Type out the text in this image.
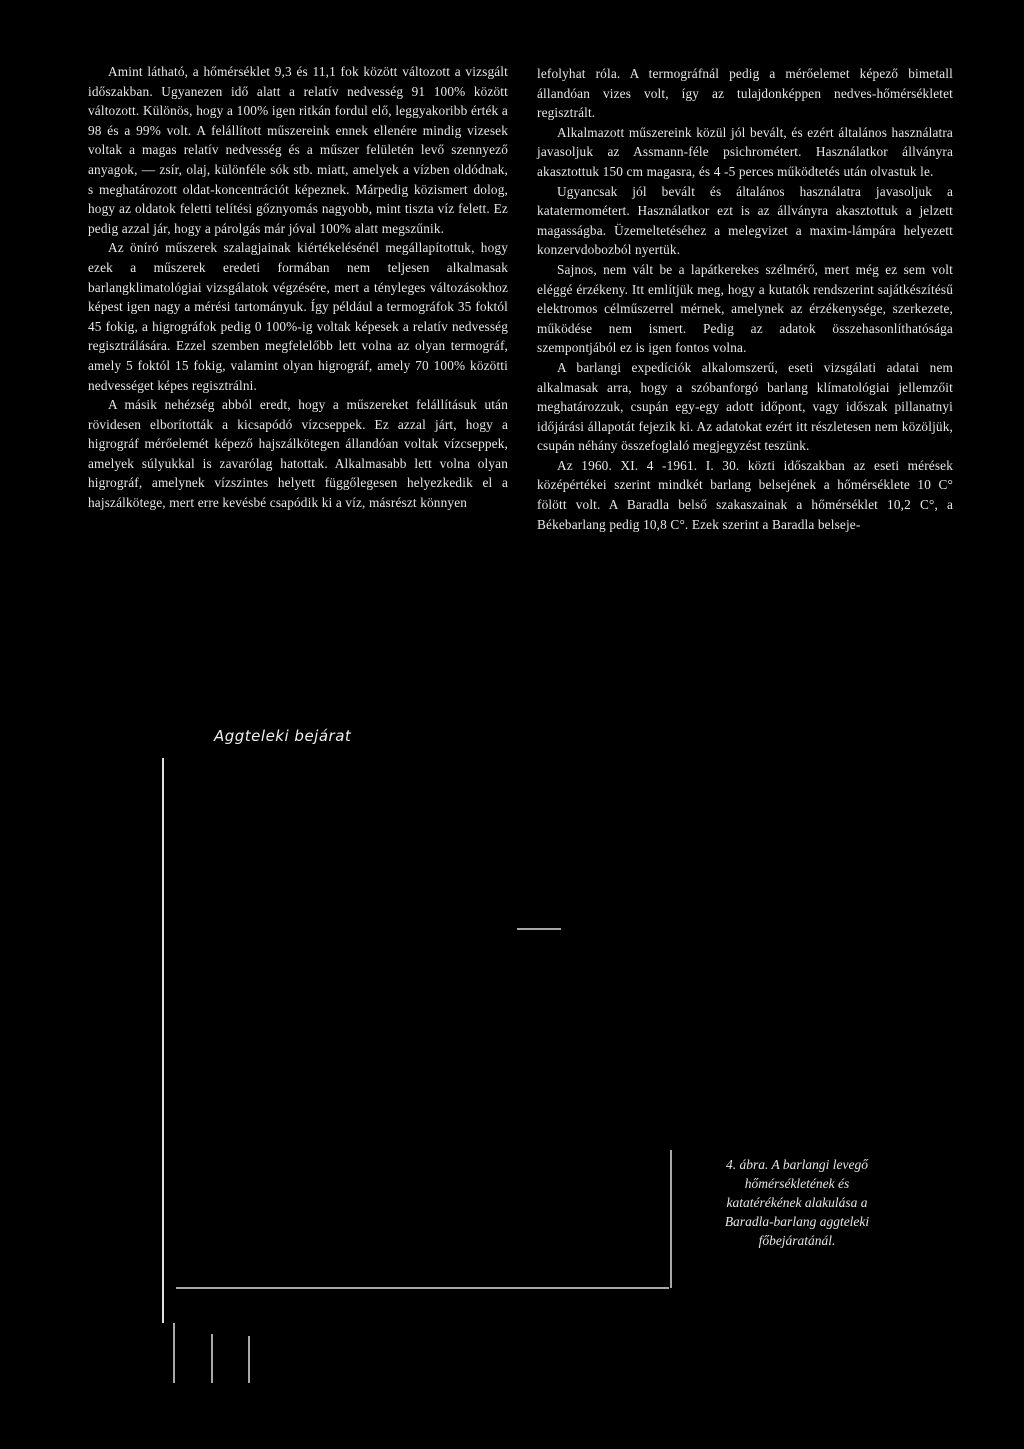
Amint látható, a hőmérséklet 9,3 és 11,1 fok között változott a vizsgált időszakban. Ugyanezen idő alatt a relatív nedvesség 91 100% között változott. Különös, hogy a 100% igen ritkán fordul elő, leggyakoribb érték a 98 és a 99% volt. A felállított műszereink ennek ellenére mindig vizesek voltak a magas relatív nedvesség és a műszer felületén levő szennyező anyagok, — zsír, olaj, különféle sók stb. miatt, amelyek a vízben oldódnak, s meghatározott oldat-koncentrációt képeznek. Márpedig közismert dolog, hogy az oldatok feletti telítési gőznyomás nagyobb, mint tiszta víz felett. Ez pedig azzal jár, hogy a párolgás már jóval 100% alatt megszűnik.

Az öníró műszerek szalagjainak kiértékelésénél megállapítottuk, hogy ezek a műszerek eredeti formában nem teljesen alkalmasak barlangklimatológiai vizsgálatok végzésére, mert a tényleges változásokhoz képest igen nagy a mérési tartományuk. Így például a termográfok 35 foktól 45 fokig, a higrográfok pedig 0 100%-ig voltak képesek a relatív nedvesség regisztrálására. Ezzel szemben megfelelőbb lett volna az olyan termográf, amely 5 foktól 15 fokig, valamint olyan higrográf, amely 70 100% közötti nedvességet képes regisztrálni.

A másik nehézség abból eredt, hogy a műszereket felállításuk után rövidesen elborították a kicsapódó vízcseppek. Ez azzal járt, hogy a higrográf mérőelemét képező hajszálkötegen állandóan voltak vízcseppek, amelyek súlyukkal is zavarólag hatottak. Alkalmasabb lett volna olyan higrográf, amelynek vízszintes helyett függőlegesen helyezkedik el a hajszálkötege, mert erre kevésbé csapódik ki a víz, másrészt könnyen

lefolyhat róla. A termográfnál pedig a mérőelemet képező bimetall állandóan vizes volt, így az tulajdonképpen nedves-hőmérsékletet regisztrált.

Alkalmazott műszereink közül jól bevált, és ezért általános használatra javasoljuk az Assmann-féle psichrométert. Használatkor állványra akasztottuk 150 cm magasra, és 4 -5 perces működtetés után olvastuk le.

Ugyancsak jól bevált és általános használatra javasoljuk a katatermométert. Használatkor ezt is az állványra akasztottuk a jelzett magasságba. Üzemeltetéséhez a melegvizet a maxim-lámpára helyezett konzervdobozból nyertük.

Sajnos, nem vált be a lapátkerekes szélmérő, mert még ez sem volt eléggé érzékeny. Itt említjük meg, hogy a kutatók rendszerint sajátkészítésű elektromos célműszerrel mérnek, amelynek az érzékenysége, szerkezete, működése nem ismert. Pedig az adatok összehasonlíthatósága szempontjából ez is igen fontos volna.

A barlangi expedíciók alkalomszerű, eseti vizsgálati adatai nem alkalmasak arra, hogy a szóbanforgó barlang klímatológiai jellemzőit meghatározzuk, csupán egy-egy adott időpont, vagy időszak pillanatnyi időjárási állapotát fejezik ki. Az adatokat ezért itt részletesen nem közöljük, csupán néhány összefoglaló megjegyzést teszünk.

Az 1960. XI. 4 -1961. I. 30. közti időszakban az eseti mérések középértékei szerint mindkét barlang belsejének a hőmérséklete 10 C° fölött volt. A Baradla belső szakaszainak a hőmérséklet 10,2 C°, a Békebarlang pedig 10,8 C°. Ezek szerint a Baradla belseje-

Aggteleki bejárat
4. ábra. A barlangi levegő hőmérsékletének és katatérékének alakulása a Baradla-barlang aggteleki főbejáratánál.
